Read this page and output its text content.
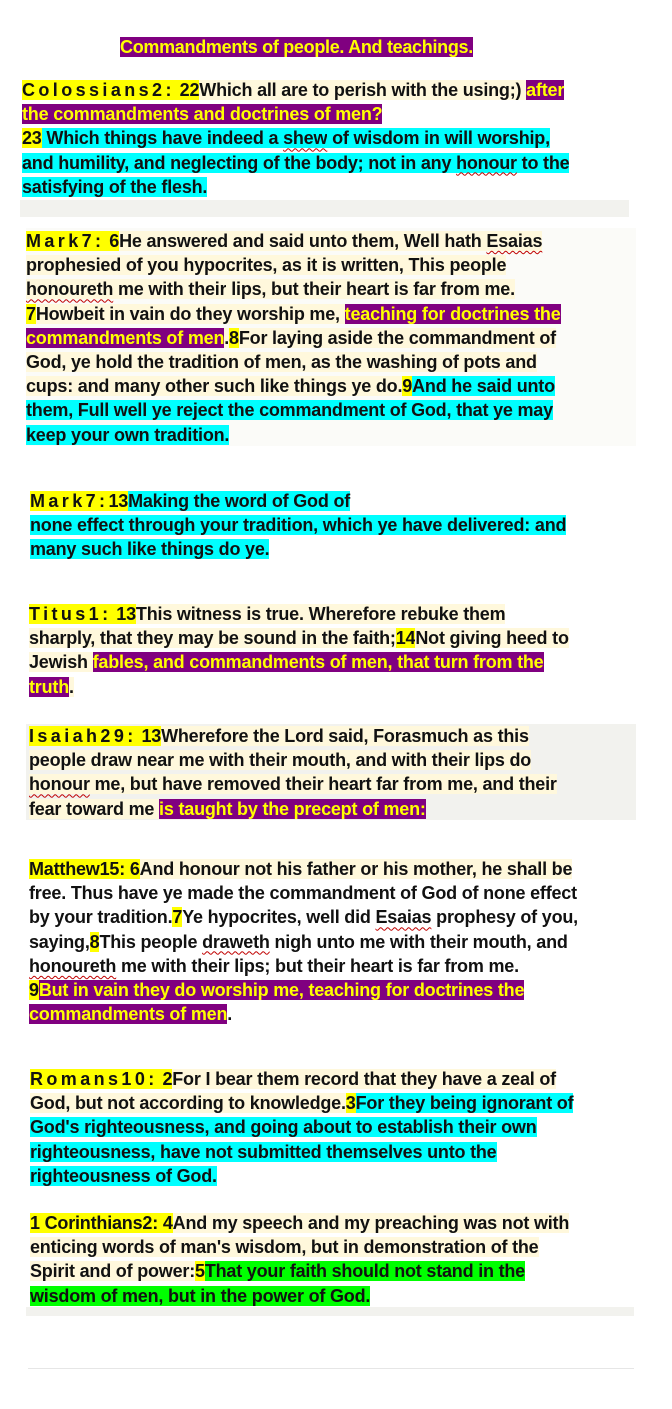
Commandments of people. And teachings.
Colossians2: 22Which all are to perish with the using;) after
the commandments and doctrines of men?
23 Which things have indeed a shew of wisdom in will worship,
and humility, and neglecting of the body; not in any honour to the
satisfying of the flesh.
Mark7: 6He answered and said unto them, Well hath Esaias
prophesied of you hypocrites, as it is written, This people
honoureth me with their lips, but their heart is far from me.
7Howbeit in vain do they worship me, teaching for doctrines the
commandments of men.8For laying aside the commandment of
God, ye hold the tradition of men, as the washing of pots and
cups: and many other such like things ye do.9And he said unto
them, Full well ye reject the commandment of God, that ye may
keep your own tradition.
Mark7:13Making the word of God of
none effect through your tradition, which ye have delivered: and
many such like things do ye.
Titus1: 13This witness is true. Wherefore rebuke them
sharply, that they may be sound in the faith;14Not giving heed to
Jewish fables, and commandments of men, that turn from the
truth.
Isaiah29: 13Wherefore the Lord said, Forasmuch as this
people draw near me with their mouth, and with their lips do
honour me, but have removed their heart far from me, and their
fear toward me is taught by the precept of men:
Matthew15: 6And honour not his father or his mother, he shall be
free. Thus have ye made the commandment of God of none effect
by your tradition.7Ye hypocrites, well did Esaias prophesy of you,
saying,8This people draweth nigh unto me with their mouth, and
honoureth me with their lips; but their heart is far from me.
9But in vain they do worship me, teaching for doctrines the
commandments of men.
Romans10: 2For I bear them record that they have a zeal of
God, but not according to knowledge.3For they being ignorant of
God's righteousness, and going about to establish their own
righteousness, have not submitted themselves unto the
righteousness of God.
1 Corinthians2: 4And my speech and my preaching was not with
enticing words of man's wisdom, but in demonstration of the
Spirit and of power:5That your faith should not stand in the
wisdom of men, but in the power of God.
